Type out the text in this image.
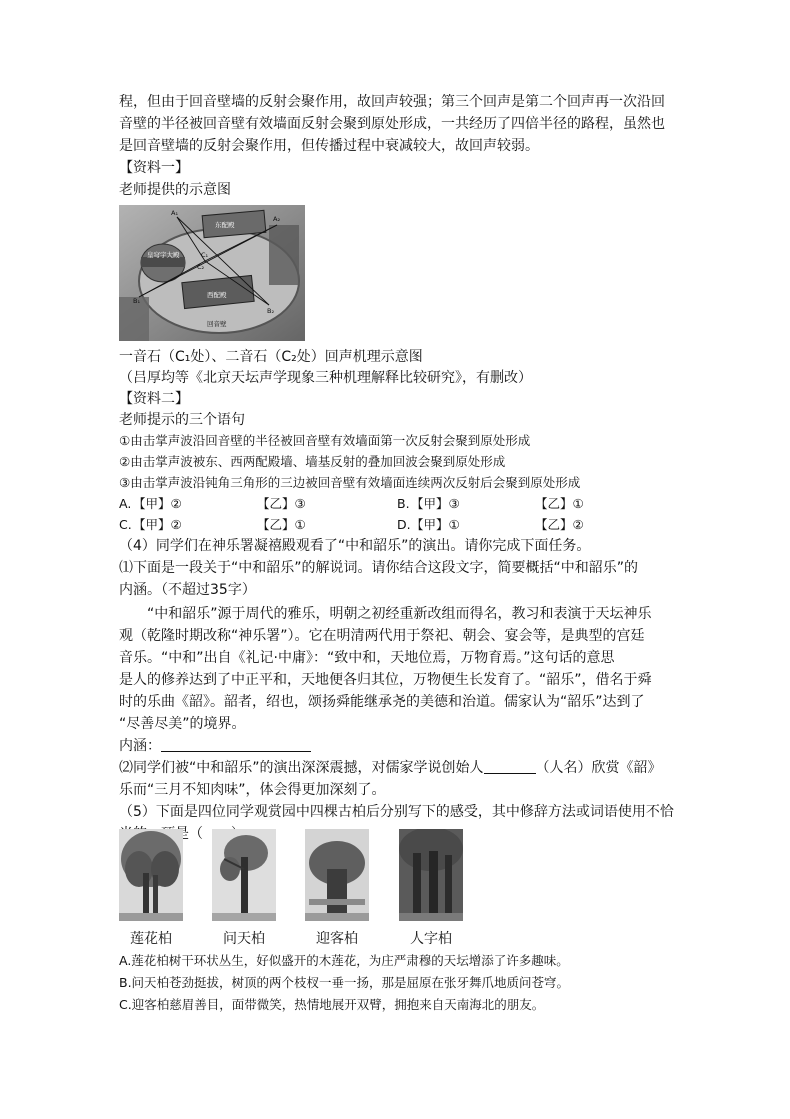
程，但由于回音壁墙的反射会聚作用，故回声较强；第三个回声是第二个回声再一次沿回
音壁的半径被回音壁有效墙面反射会聚到原处形成，一共经历了四倍半径的路程，虽然也
是回音壁墙的反射会聚作用，但传播过程中衰减较大，故回声较弱。
【资料一】
老师提供的示意图
A₁
A₂
B₁
B₂
C₁
C₂
东配殿
皇穹宇大殿
西配殿
回音壁
一音石（C₁处）、二音石（C₂处）回声机理示意图
（吕厚均等《北京天坛声学现象三种机理解释比较研究》，有删改）
【资料二】
老师提示的三个语句
①由击掌声波沿回音壁的半径被回音壁有效墙面第一次反射会聚到原处形成
②由击掌声波被东、西两配殿墙、墙基反射的叠加回波会聚到原处形成
③由击掌声波沿钝角三角形的三边被回音壁有效墙面连续两次反射后会聚到原处形成
A. 【甲】②	【乙】③	B. 【甲】③	【乙】①
C. 【甲】②	【乙】①	D. 【甲】①	【乙】②
（4）同学们在神乐署凝禧殿观看了“中和韶乐”的演出。请你完成下面任务。
⑴下面是一段关于“中和韶乐”的解说词。请你结合这段文字，简要概括“中和韶乐”的
内涵。（不超过35字）
“中和韶乐”源于周代的雅乐，明朝之初经重新改组而得名，教习和表演于天坛神乐
观（乾隆时期改称“神乐署”）。它在明清两代用于祭祀、朝会、宴会等，是典型的宫廷
音乐。“中和”出自《礼记·中庸》：“致中和，天地位焉，万物育焉。”这句话的意思
是人的修养达到了中正平和，天地便各归其位，万物便生长发育了。“韶乐”，借名于舜
时的乐曲《韶》。韶者，绍也，颂扬舜能继承尧的美德和治道。儒家认为“韶乐”达到了
“尽善尽美”的境界。
内涵：
⑵同学们被“中和韶乐”的演出深深震撼，对儒家学说创始人	（人名）欣赏《韶》
乐而“三月不知肉味”，体会得更加深刻了。
（5）下面是四位同学观赏园中四棵古柏后分别写下的感受，其中修辞方法或词语使用不恰
莲花柏	问天柏	迎客柏	人字柏
A.莲花柏树干环状丛生，好似盛开的木莲花，为庄严肃穆的天坛增添了许多趣味。
B.问天柏苍劲挺拔，树顶的两个枝杈一垂一扬，那是屈原在张牙舞爪地质问苍穹。
C.迎客柏慈眉善目，面带微笑，热情地展开双臂，拥抱来自天南海北的朋友。
